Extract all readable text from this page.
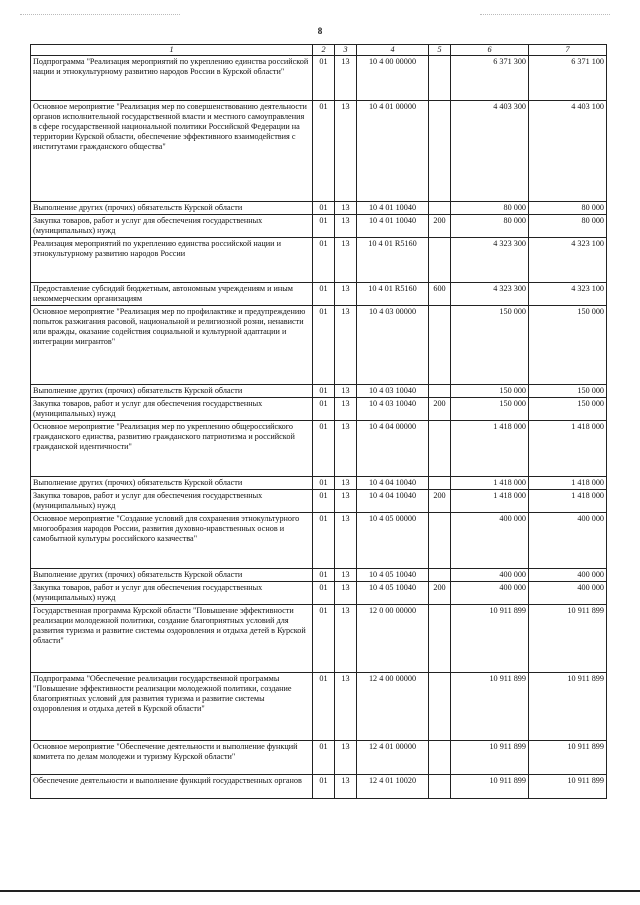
8
1	2	3	4	5	6	7
Подпрограмма "Реализация мероприятий по укреплению единства российской нации и этнокультурному развитию народов России в Курской области"	01	13	10 4 00 00000		6 371 300	6 371 100
Основное мероприятие "Реализация мер по совершенствованию деятельности органов исполнительной государственной власти и местного самоуправления в сфере государственной национальной политики Российской Федерации на территории Курской области, обеспечение эффективного взаимодействия с институтами гражданского общества"	01	13	10 4 01 00000		4 403 300	4 403 100
Выполнение других (прочих) обязательств Курской области	01	13	10 4 01 10040		80 000	80 000
Закупка товаров, работ и услуг для обеспечения государственных (муниципальных) нужд	01	13	10 4 01 10040	200	80 000	80 000
Реализация мероприятий по укреплению единства российской нации и этнокультурному развитию народов России	01	13	10 4 01 R5160		4 323 300	4 323 100
Предоставление субсидий бюджетным, автономным учреждениям и иным некоммерческим организациям	01	13	10 4 01 R5160	600	4 323 300	4 323 100
Основное мероприятие "Реализация мер по профилактике и предупреждению попыток разжигания расовой, национальной и религиозной розни, ненависти или вражды, оказание содействия социальной и культурной адаптации и интеграции мигрантов"	01	13	10 4 03 00000		150 000	150 000
Выполнение других (прочих) обязательств Курской области	01	13	10 4 03 10040		150 000	150 000
Закупка товаров, работ и услуг для обеспечения государственных (муниципальных) нужд	01	13	10 4 03 10040	200	150 000	150 000
Основное мероприятие "Реализация мер по укреплению общероссийского гражданского единства, развитию гражданского патриотизма и российской гражданской идентичности"	01	13	10 4 04 00000		1 418 000	1 418 000
Выполнение других (прочих) обязательств Курской области	01	13	10 4 04 10040		1 418 000	1 418 000
Закупка товаров, работ и услуг для обеспечения государственных (муниципальных) нужд	01	13	10 4 04 10040	200	1 418 000	1 418 000
Основное мероприятие "Создание условий для сохранения этнокультурного многообразия народов России, развития духовно-нравственных основ и самобытной культуры российского казачества"	01	13	10 4 05 00000		400 000	400 000
Выполнение других (прочих) обязательств Курской области	01	13	10 4 05 10040		400 000	400 000
Закупка товаров, работ и услуг для обеспечения государственных (муниципальных) нужд	01	13	10 4 05 10040	200	400 000	400 000
Государственная программа Курской области "Повышение эффективности реализации молодежной политики, создание благоприятных условий для развития туризма и развитие системы оздоровления и отдыха детей в Курской области"	01	13	12 0 00 00000		10 911 899	10 911 899
Подпрограмма "Обеспечение реализации государственной программы "Повышение эффективности реализации молодежной политики, создание благоприятных условий для развития туризма и развитие системы оздоровления и отдыха детей в Курской области"	01	13	12 4 00 00000		10 911 899	10 911 899
Основное мероприятие "Обеспечение деятельности и выполнение функций комитета по делам молодежи и туризму Курской области"	01	13	12 4 01 00000		10 911 899	10 911 899
Обеспечение деятельности и выполнение функций государственных органов	01	13	12 4 01 10020		10 911 899	10 911 899
